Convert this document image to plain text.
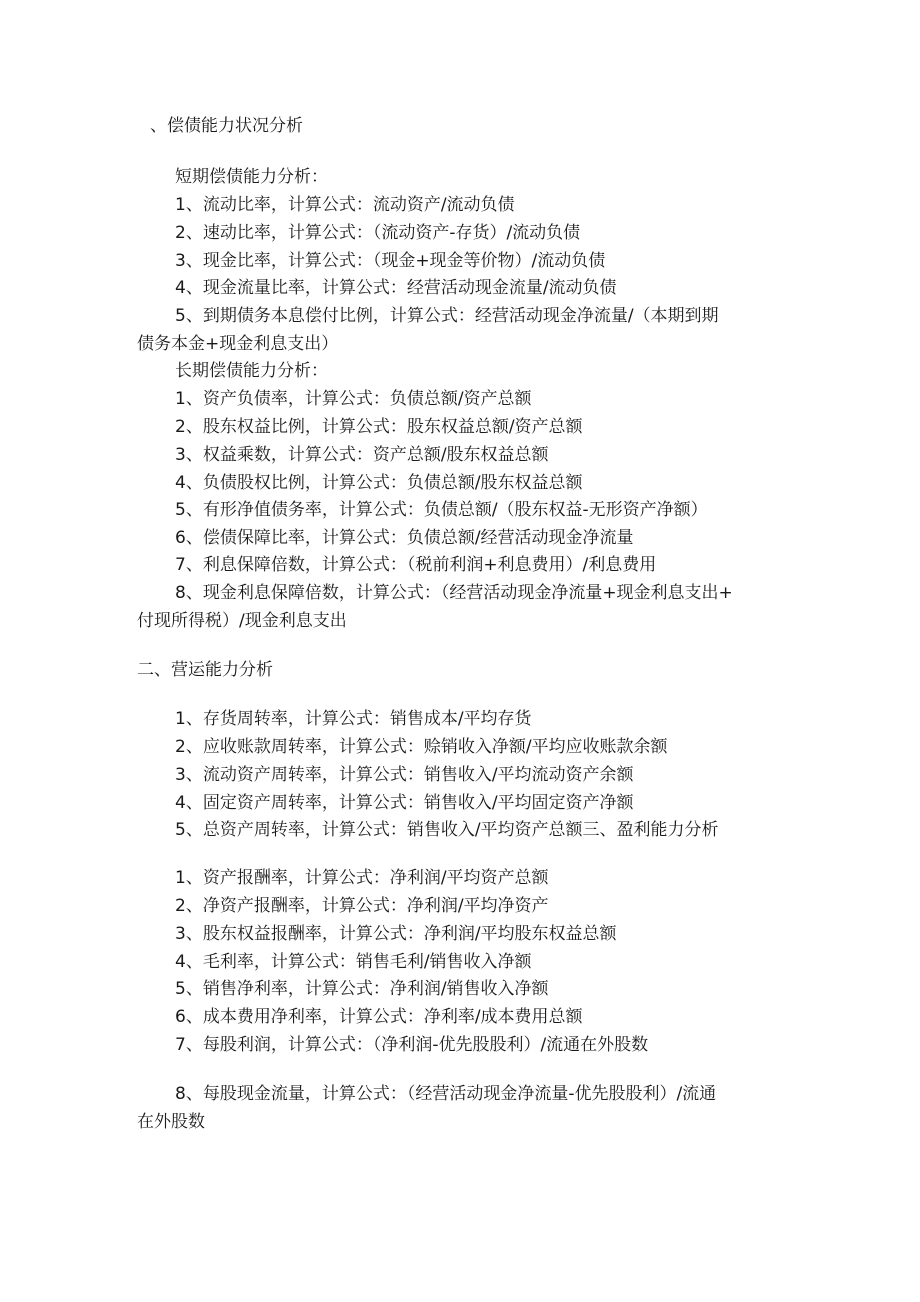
、偿债能力状况分析
短期偿债能力分析：
1、流动比率，计算公式：流动资产/流动负债
2、速动比率，计算公式：（流动资产-存货）/流动负债
3、现金比率，计算公式：（现金+现金等价物）/流动负债
4、现金流量比率，计算公式：经营活动现金流量/流动负债
5、到期债务本息偿付比例，计算公式：经营活动现金净流量/（本期到期
债务本金+现金利息支出）
长期偿债能力分析：
1、资产负债率，计算公式：负债总额/资产总额
2、股东权益比例，计算公式：股东权益总额/资产总额
3、权益乘数，计算公式：资产总额/股东权益总额
4、负债股权比例，计算公式：负债总额/股东权益总额
5、有形净值债务率，计算公式：负债总额/（股东权益-无形资产净额）
6、偿债保障比率，计算公式：负债总额/经营活动现金净流量
7、利息保障倍数，计算公式：（税前利润+利息费用）/利息费用
8、现金利息保障倍数，计算公式：（经营活动现金净流量+现金利息支出+
付现所得税）/现金利息支出
二、营运能力分析
1、存货周转率，计算公式：销售成本/平均存货
2、应收账款周转率，计算公式：赊销收入净额/平均应收账款余额
3、流动资产周转率，计算公式：销售收入/平均流动资产余额
4、固定资产周转率，计算公式：销售收入/平均固定资产净额
5、总资产周转率，计算公式：销售收入/平均资产总额三、盈利能力分析
1、资产报酬率，计算公式：净利润/平均资产总额
2、净资产报酬率，计算公式：净利润/平均净资产
3、股东权益报酬率，计算公式：净利润/平均股东权益总额
4、毛利率，计算公式：销售毛利/销售收入净额
5、销售净利率，计算公式：净利润/销售收入净额
6、成本费用净利率，计算公式：净利率/成本费用总额
7、每股利润，计算公式：（净利润-优先股股利）/流通在外股数
8、每股现金流量，计算公式：（经营活动现金净流量-优先股股利）/流通
在外股数
